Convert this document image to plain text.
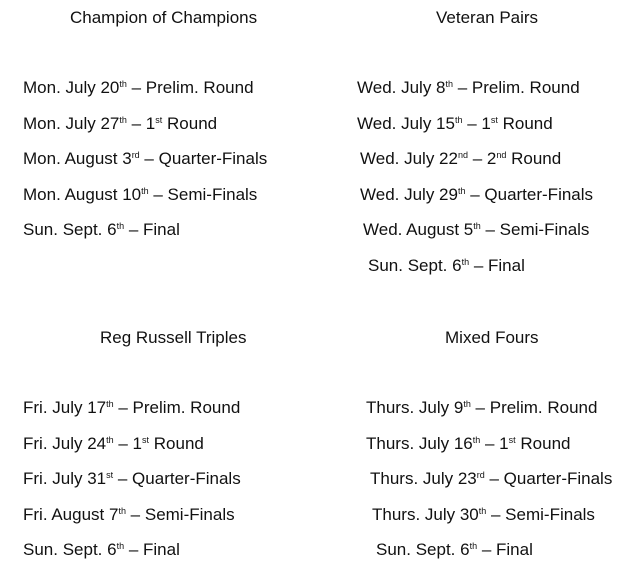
Champion of Champions
Mon. July 20th – Prelim. Round
Mon. July 27th – 1st Round
Mon. August 3rd – Quarter-Finals
Mon. August 10th – Semi-Finals
Sun. Sept. 6th – Final
Veteran Pairs
Wed. July 8th – Prelim. Round
Wed. July 15th – 1st Round
Wed. July 22nd – 2nd Round
Wed. July 29th – Quarter-Finals
Wed. August 5th – Semi-Finals
Sun. Sept. 6th – Final
Reg Russell Triples
Fri. July 17th – Prelim. Round
Fri. July 24th – 1st Round
Fri. July 31st – Quarter-Finals
Fri. August 7th – Semi-Finals
Sun. Sept. 6th – Final
Mixed Fours
Thurs. July 9th – Prelim. Round
Thurs. July 16th – 1st Round
Thurs. July 23rd – Quarter-Finals
Thurs. July 30th – Semi-Finals
Sun. Sept. 6th – Final
